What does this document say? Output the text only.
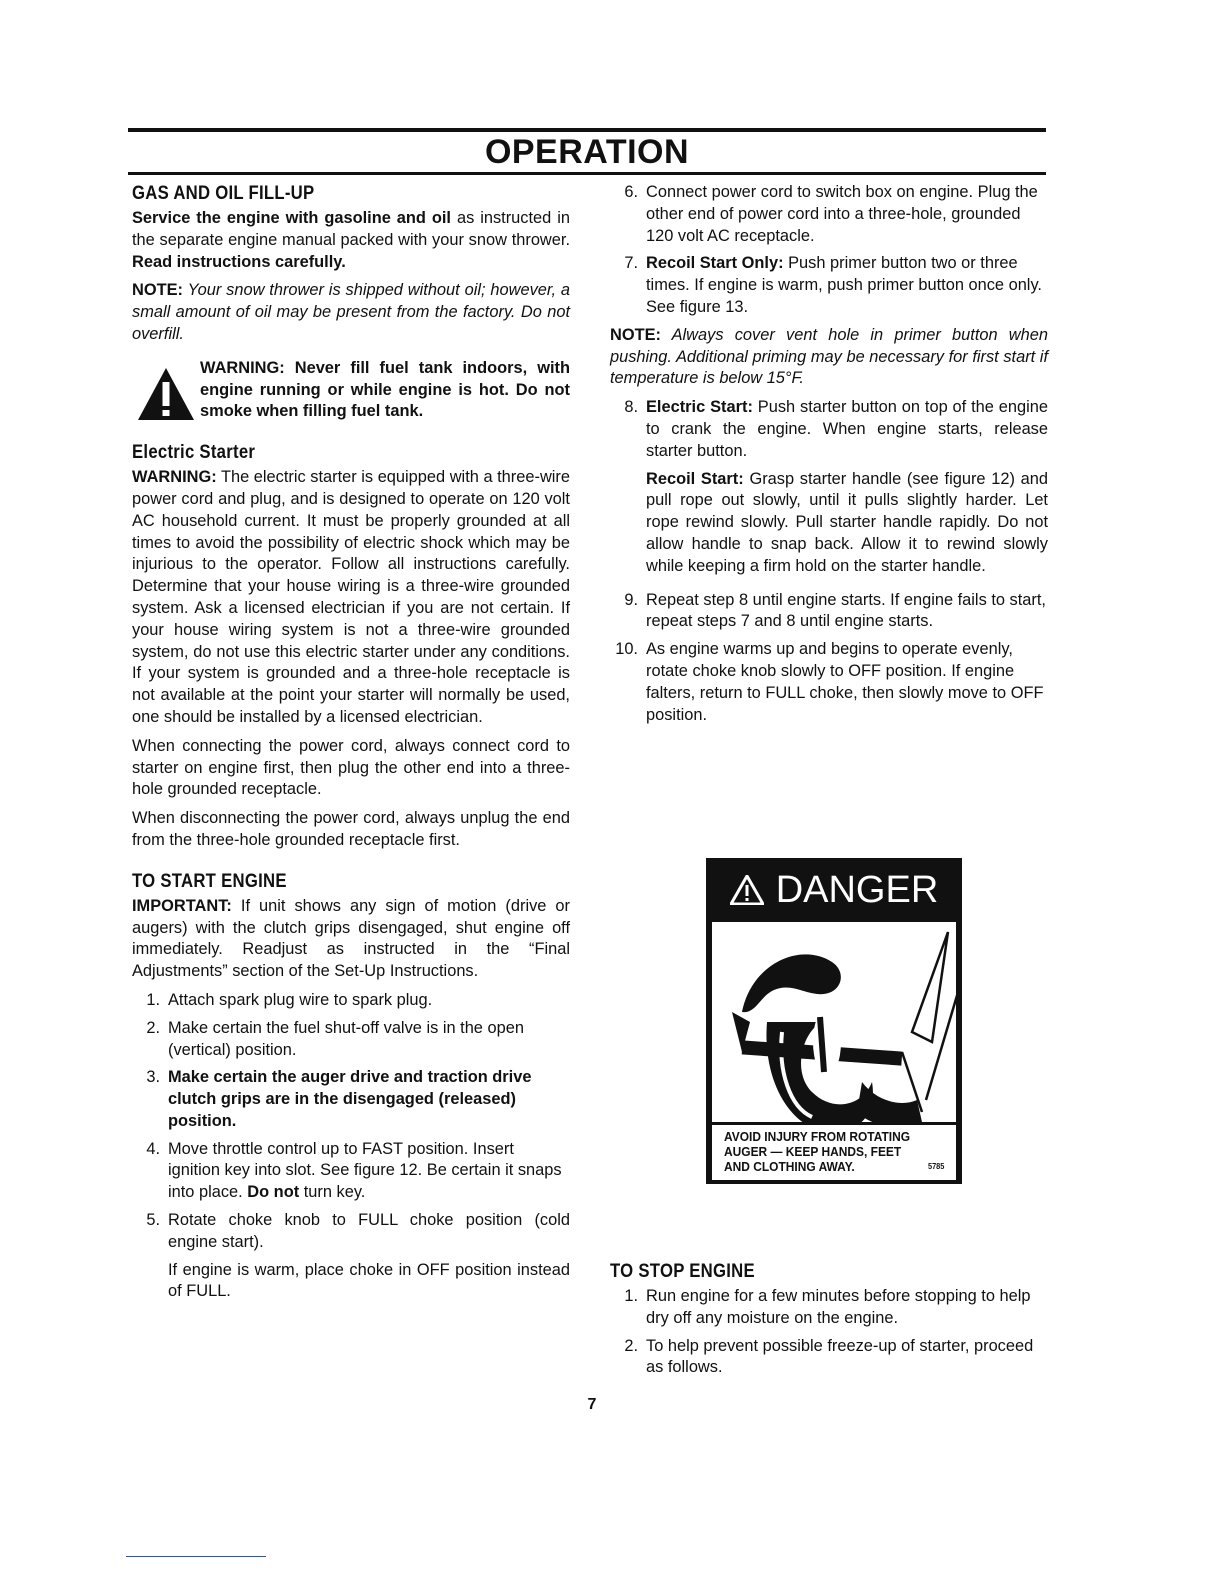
OPERATION
GAS AND OIL FILL-UP

Service the engine with gasoline and oil as instructed in the separate engine manual packed with your snow thrower. Read instructions carefully.

NOTE: Your snow thrower is shipped without oil; however, a small amount of oil may be present from the factory. Do not overfill.

WARNING: Never fill fuel tank indoors, with engine running or while engine is hot. Do not smoke when filling fuel tank.
Electric Starter

WARNING: The electric starter is equipped with a three-wire power cord and plug, and is designed to operate on 120 volt AC household current. It must be properly grounded at all times to avoid the possibility of electric shock which may be injurious to the operator. Follow all instructions carefully. Determine that your house wiring is a three-wire grounded system. Ask a licensed electrician if you are not certain. If your house wiring system is not a three-wire grounded system, do not use this electric starter under any conditions. If your system is grounded and a three-hole receptacle is not available at the point your starter will normally be used, one should be installed by a licensed electrician.

When connecting the power cord, always connect cord to starter on engine first, then plug the other end into a three-hole grounded receptacle.

When disconnecting the power cord, always unplug the end from the three-hole grounded receptacle first.

TO START ENGINE

IMPORTANT: If unit shows any sign of motion (drive or augers) with the clutch grips disengaged, shut engine off immediately. Readjust as instructed in the “Final Adjustments” section of the Set-Up Instructions.

1. Attach spark plug wire to spark plug.
2. Make certain the fuel shut-off valve is in the open (vertical) position.
3. Make certain the auger drive and traction drive clutch grips are in the disengaged (released) position.
4. Move throttle control up to FAST position. Insert ignition key into slot. See figure 12. Be certain it snaps into place. Do not turn key.
5. Rotate choke knob to FULL choke position (cold engine start).

If engine is warm, place choke in OFF position instead of FULL.

6. Connect power cord to switch box on engine. Plug the other end of power cord into a three-hole, grounded 120 volt AC receptacle.
7. Recoil Start Only: Push primer button two or three times. If engine is warm, push primer button once only. See figure 13.

NOTE: Always cover vent hole in primer button when pushing. Additional priming may be necessary for first start if temperature is below 15°F.

8. Electric Start: Push starter button on top of the engine to crank the engine. When engine starts, release starter button.

Recoil Start: Grasp starter handle (see figure 12) and pull rope out slowly, until it pulls slightly harder. Let rope rewind slowly. Pull starter handle rapidly. Do not allow handle to snap back. Allow it to rewind slowly while keeping a firm hold on the starter handle.

9. Repeat step 8 until engine starts. If engine fails to start, repeat steps 7 and 8 until engine starts.
10. As engine warms up and begins to operate evenly, rotate choke knob slowly to OFF position. If engine falters, return to FULL choke, then slowly move to OFF position.
DANGER
AVOID INJURY FROM ROTATING
AUGER — KEEP HANDS, FEET
AND CLOTHING AWAY.	5785
TO STOP ENGINE
1. Run engine for a few minutes before stopping to help dry off any moisture on the engine.
2. To help prevent possible freeze-up of starter, proceed as follows.
7
